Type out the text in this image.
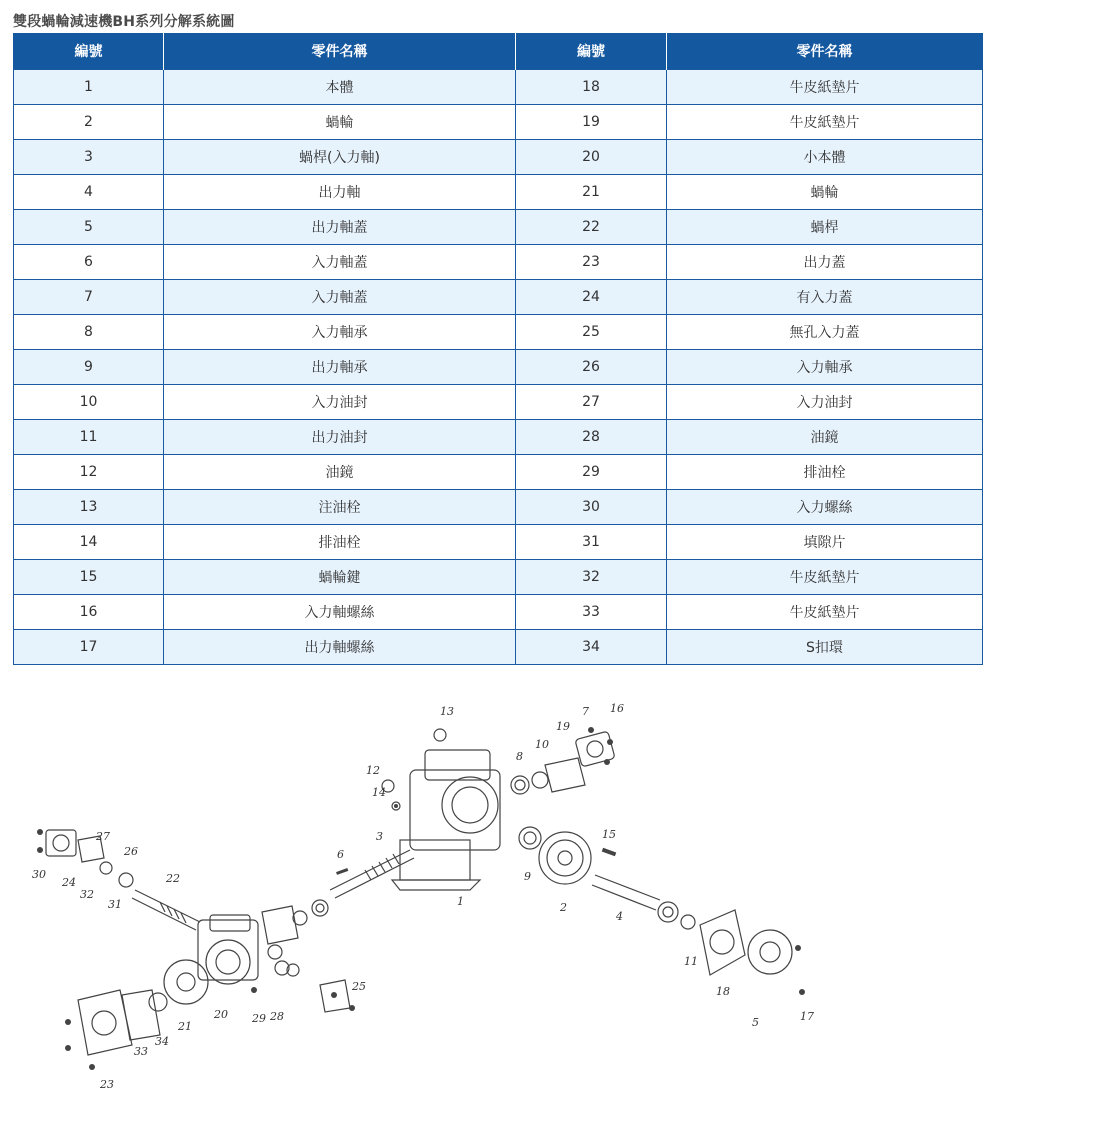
雙段蝸輪減速機BH系列分解系統圖
編號	零件名稱	編號	零件名稱
1	本體	18	牛皮紙墊片
2	蝸輪	19	牛皮紙墊片
3	蝸桿(入力軸)	20	小本體
4	出力軸	21	蝸輪
5	出力軸蓋	22	蝸桿
6	入力軸蓋	23	出力蓋
7	入力軸蓋	24	有入力蓋
8	入力軸承	25	無孔入力蓋
9	出力軸承	26	入力軸承
10	入力油封	27	入力油封
11	出力油封	28	油鏡
12	油鏡	29	排油栓
13	注油栓	30	入力螺絲
14	排油栓	31	填隙片
15	蝸輪鍵	32	牛皮紙墊片
16	入力軸螺絲	33	牛皮紙墊片
17	出力軸螺絲	34	S扣環
1	2
3
4
5
6
7
8
9
10
11
12
13
14
15
16
17
18
19
20
21
22
23
24
25
26
27
28
29
30
31
32
33
34
